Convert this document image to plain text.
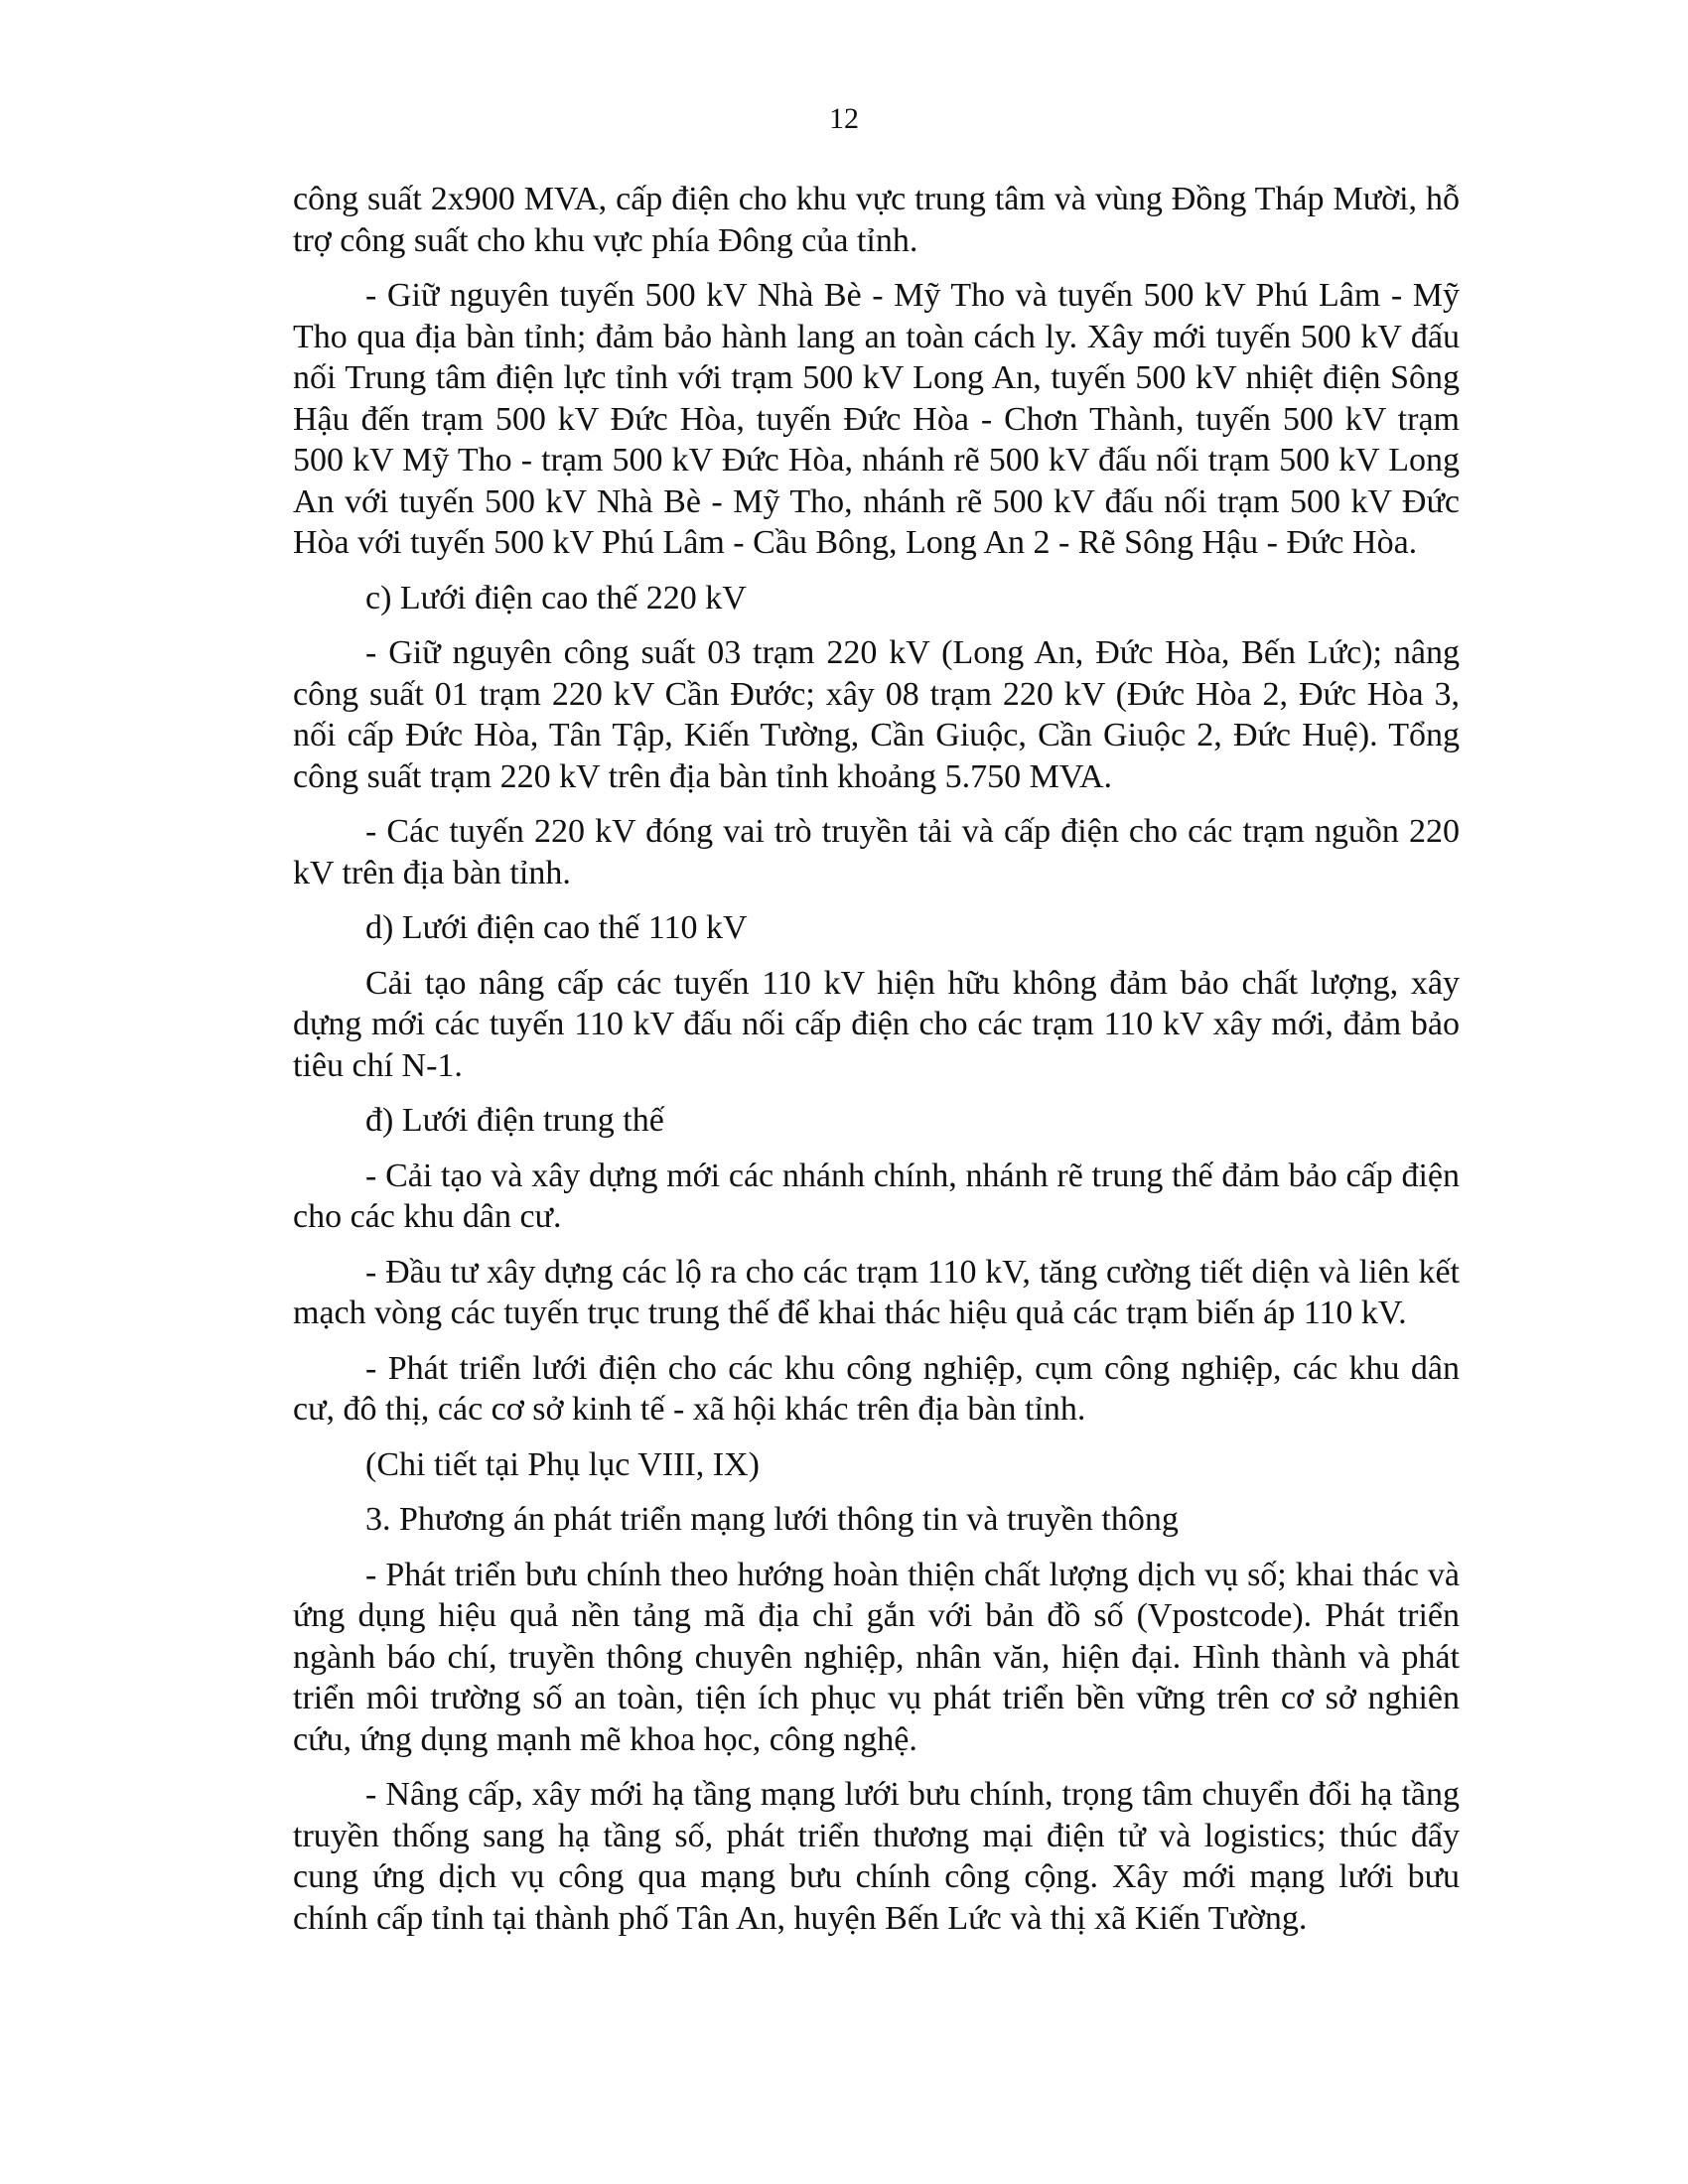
12

công suất 2x900 MVA, cấp điện cho khu vực trung tâm và vùng Đồng Tháp Mười, hỗ trợ công suất cho khu vực phía Đông của tỉnh.

- Giữ nguyên tuyến 500 kV Nhà Bè - Mỹ Tho và tuyến 500 kV Phú Lâm - Mỹ Tho qua địa bàn tỉnh; đảm bảo hành lang an toàn cách ly. Xây mới tuyến 500 kV đấu nối Trung tâm điện lực tỉnh với trạm 500 kV Long An, tuyến 500 kV nhiệt điện Sông Hậu đến trạm 500 kV Đức Hòa, tuyến Đức Hòa - Chơn Thành, tuyến 500 kV trạm 500 kV Mỹ Tho - trạm 500 kV Đức Hòa, nhánh rẽ 500 kV đấu nối trạm 500 kV Long An với tuyến 500 kV Nhà Bè - Mỹ Tho, nhánh rẽ 500 kV đấu nối trạm 500 kV Đức Hòa với tuyến 500 kV Phú Lâm - Cầu Bông, Long An 2 - Rẽ Sông Hậu - Đức Hòa.

c) Lưới điện cao thế 220 kV

- Giữ nguyên công suất 03 trạm 220 kV (Long An, Đức Hòa, Bến Lức); nâng công suất 01 trạm 220 kV Cần Đước; xây 08 trạm 220 kV (Đức Hòa 2, Đức Hòa 3, nối cấp Đức Hòa, Tân Tập, Kiến Tường, Cần Giuộc, Cần Giuộc 2, Đức Huệ). Tổng công suất trạm 220 kV trên địa bàn tỉnh khoảng 5.750 MVA.

- Các tuyến 220 kV đóng vai trò truyền tải và cấp điện cho các trạm nguồn 220 kV trên địa bàn tỉnh.

d) Lưới điện cao thế 110 kV

Cải tạo nâng cấp các tuyến 110 kV hiện hữu không đảm bảo chất lượng, xây dựng mới các tuyến 110 kV đấu nối cấp điện cho các trạm 110 kV xây mới, đảm bảo tiêu chí N-1.

đ) Lưới điện trung thế

- Cải tạo và xây dựng mới các nhánh chính, nhánh rẽ trung thế đảm bảo cấp điện cho các khu dân cư.

- Đầu tư xây dựng các lộ ra cho các trạm 110 kV, tăng cường tiết diện và liên kết mạch vòng các tuyến trục trung thế để khai thác hiệu quả các trạm biến áp 110 kV.

- Phát triển lưới điện cho các khu công nghiệp, cụm công nghiệp, các khu dân cư, đô thị, các cơ sở kinh tế - xã hội khác trên địa bàn tỉnh.

(Chi tiết tại Phụ lục VIII, IX)

3. Phương án phát triển mạng lưới thông tin và truyền thông

- Phát triển bưu chính theo hướng hoàn thiện chất lượng dịch vụ số; khai thác và ứng dụng hiệu quả nền tảng mã địa chỉ gắn với bản đồ số (Vpostcode). Phát triển ngành báo chí, truyền thông chuyên nghiệp, nhân văn, hiện đại. Hình thành và phát triển môi trường số an toàn, tiện ích phục vụ phát triển bền vững trên cơ sở nghiên cứu, ứng dụng mạnh mẽ khoa học, công nghệ.

- Nâng cấp, xây mới hạ tầng mạng lưới bưu chính, trọng tâm chuyển đổi hạ tầng truyền thống sang hạ tầng số, phát triển thương mại điện tử và logistics; thúc đẩy cung ứng dịch vụ công qua mạng bưu chính công cộng. Xây mới mạng lưới bưu chính cấp tỉnh tại thành phố Tân An, huyện Bến Lức và thị xã Kiến Tường.
